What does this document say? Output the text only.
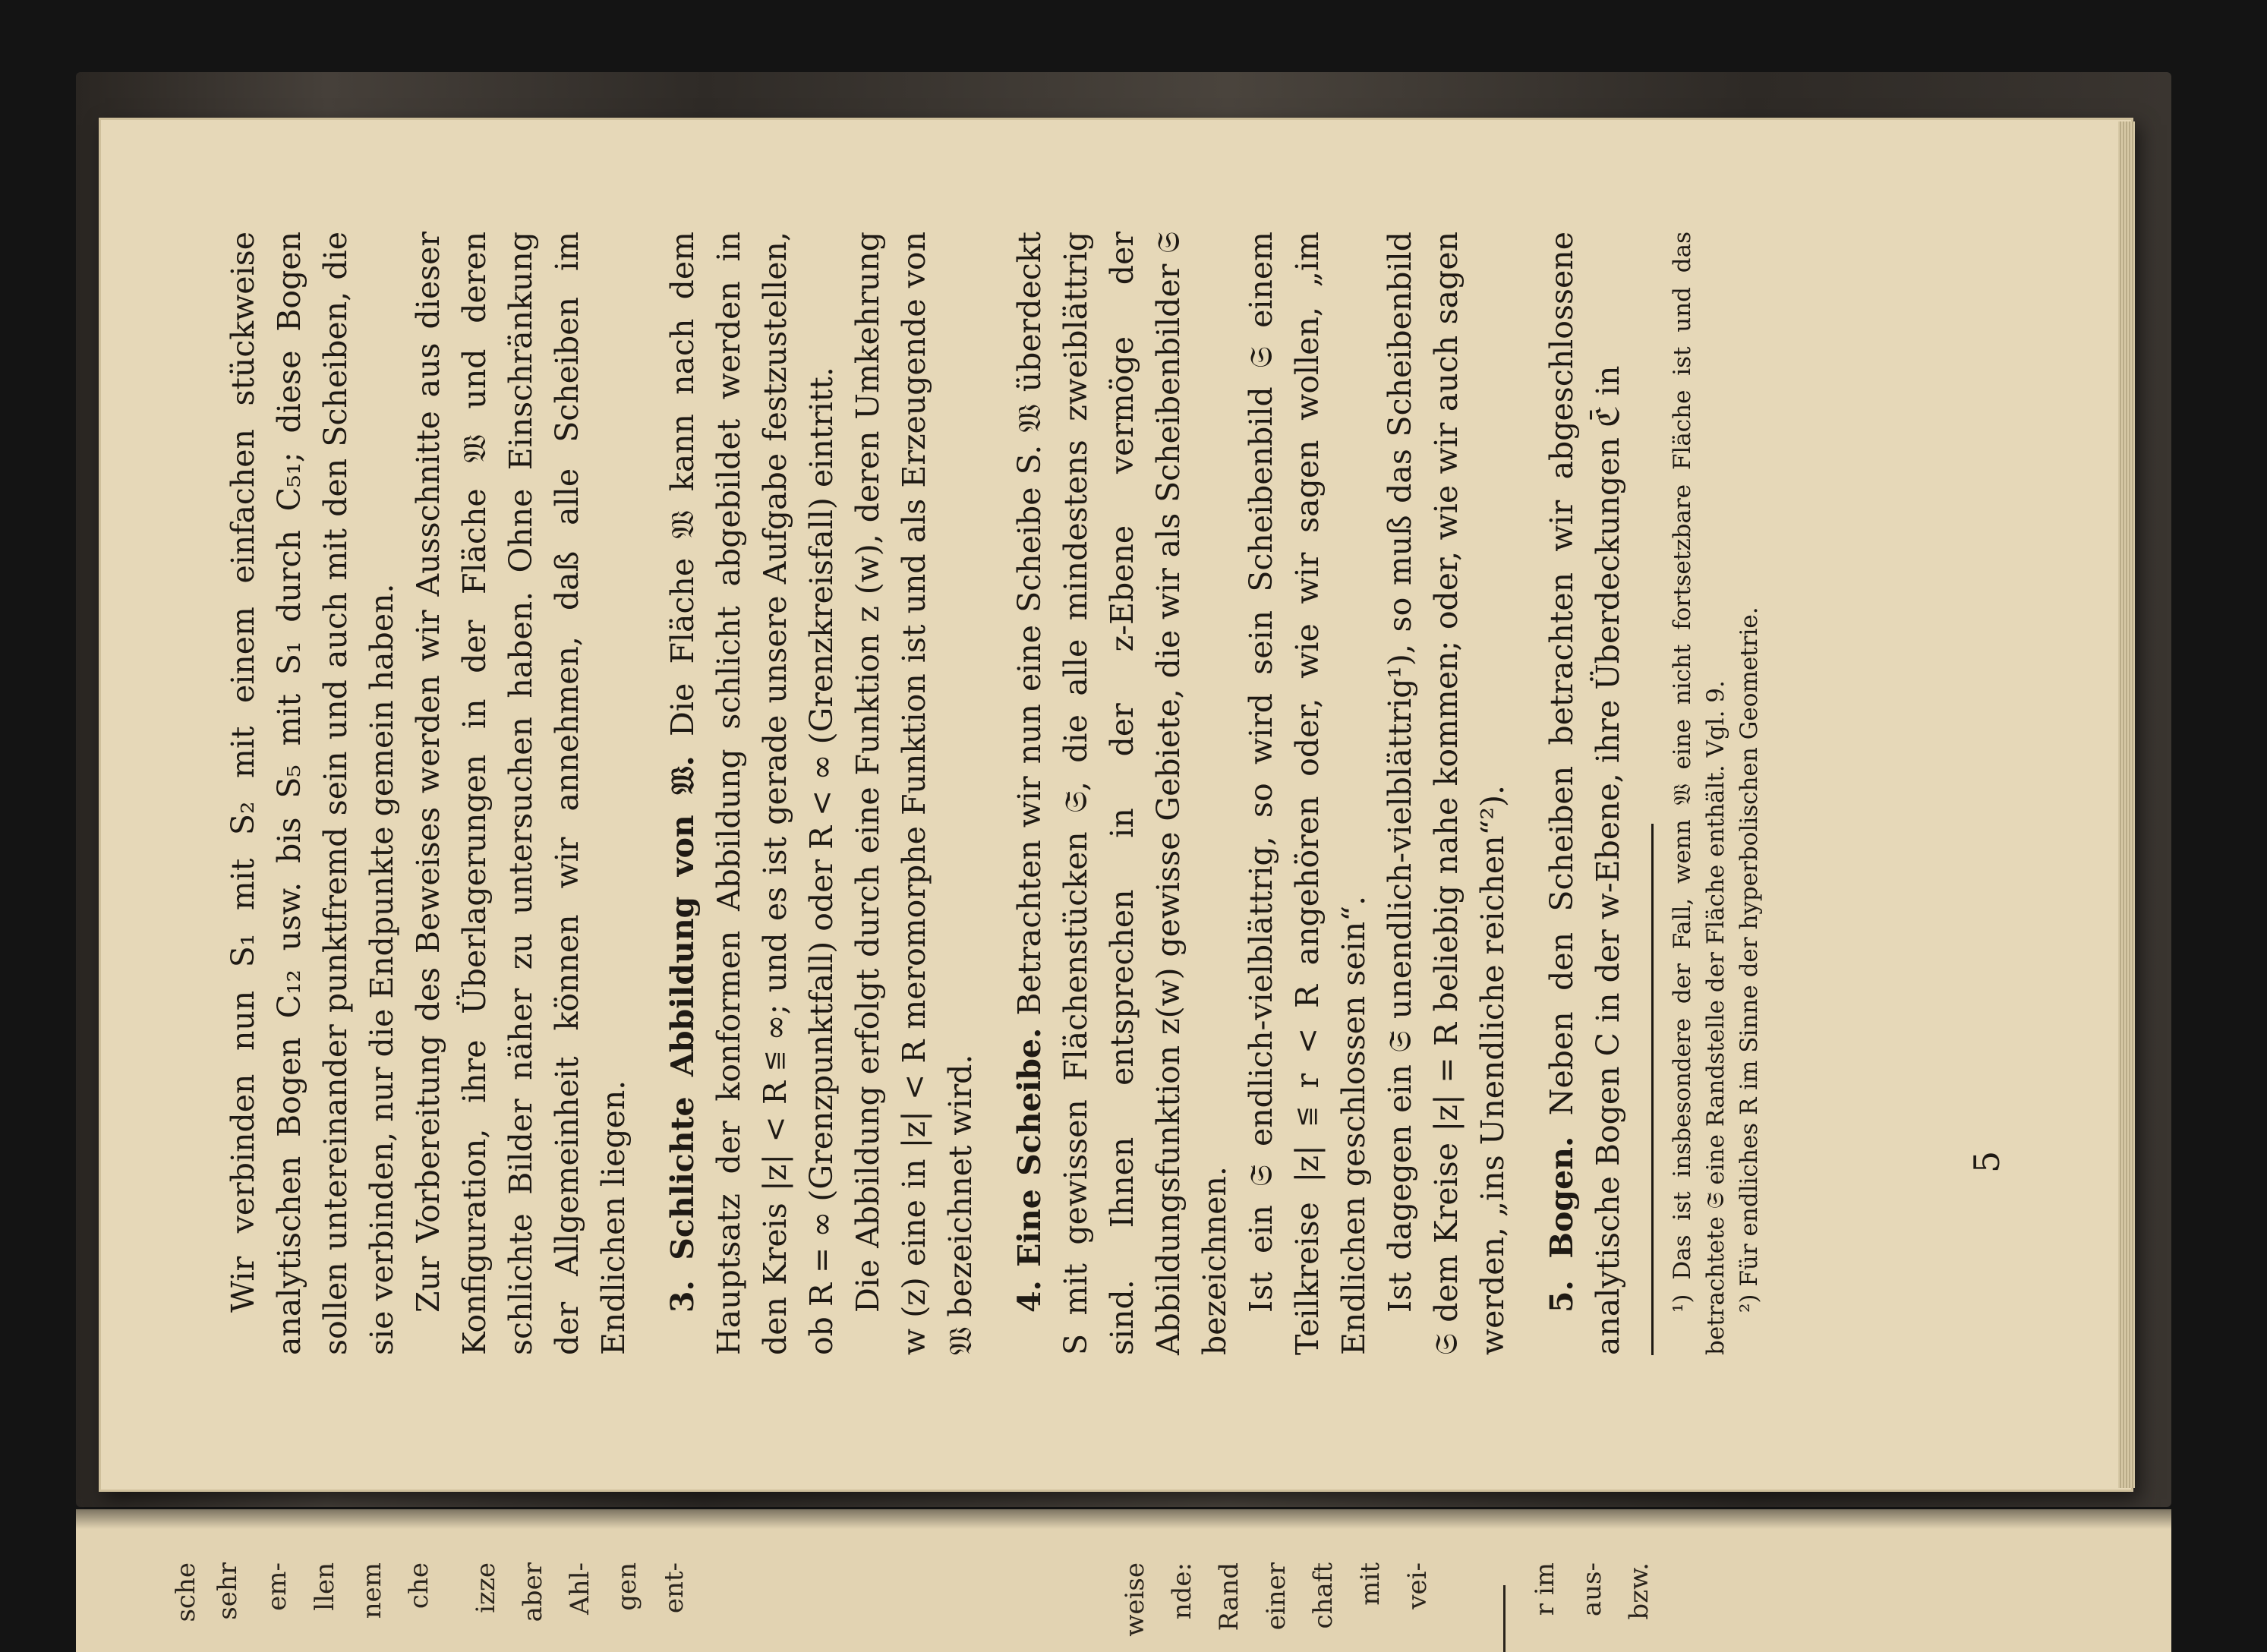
Wir verbinden nun S₁ mit S₂ mit einem einfachen stückweise analytischen Bogen C₁₂ usw. bis S₅ mit S₁ durch C₅₁; diese Bogen sollen untereinander punktfremd sein und auch mit den Scheiben, die sie verbinden, nur die Endpunkte gemein haben. Zur Vorbereitung des Beweises werden wir Ausschnitte aus dieser Konfiguration, ihre Überlagerungen in der Fläche 𝔚 und deren schlichte Bilder näher zu untersuchen haben. Ohne Einschränkung der Allgemeinheit können wir annehmen, daß alle Scheiben im Endlichen liegen. 3. Schlichte Abbildung von 𝔚. Die Fläche 𝔚 kann nach dem Hauptsatz der konformen Abbildung schlicht abgebildet werden in den Kreis |z| < R ≦ ∞; und es ist gerade unsere Aufgabe festzustellen, ob R = ∞ (Grenzpunktfall) oder R < ∞ (Grenzkreisfall) eintritt. Die Abbildung erfolgt durch eine Funktion z (w), deren Umkehrung w (z) eine in |z| < R meromorphe Funktion ist und als Erzeugende von 𝔚 bezeichnet wird. 4. Eine Scheibe. Betrachten wir nun eine Scheibe S. 𝔚 überdeckt S mit gewissen Flächenstücken 𝔖̄, die alle mindestens zweiblättrig sind. Ihnen entsprechen in der z-Ebene vermöge der Abbildungsfunktion z(w) gewisse Gebiete, die wir als Scheibenbilder 𝔖 bezeichnen. Ist ein 𝔖̄ endlich-vielblättrig, so wird sein Scheibenbild 𝔖 einem Teilkreise |z| ≦ r < R angehören oder, wie wir sagen wollen, „im Endlichen geschlossen sein“. Ist dagegen ein 𝔖̄ unendlich-vielblättrig¹), so muß das Scheibenbild 𝔖 dem Kreise |z| = R beliebig nahe kommen; oder, wie wir auch sagen werden, „ins Unendliche reichen“²). 5. Bogen. Neben den Scheiben betrachten wir abgeschlossene analytische Bogen C in der w-Ebene, ihre Überdeckungen ℭ̄ in ¹) Das ist insbesondere der Fall, wenn 𝔚 eine nicht fortsetzbare Fläche ist und das betrachtete 𝔖̄ eine Randstelle der Fläche enthält. Vgl. 9. ²) Für endliches R im Sinne der hyperbolischen Geometrie.	5
sche sehr em- llen nem che izze aber Ahl- gen ent-	weise nde: Rand einer chaft mit vei-	r im aus- bzw.
